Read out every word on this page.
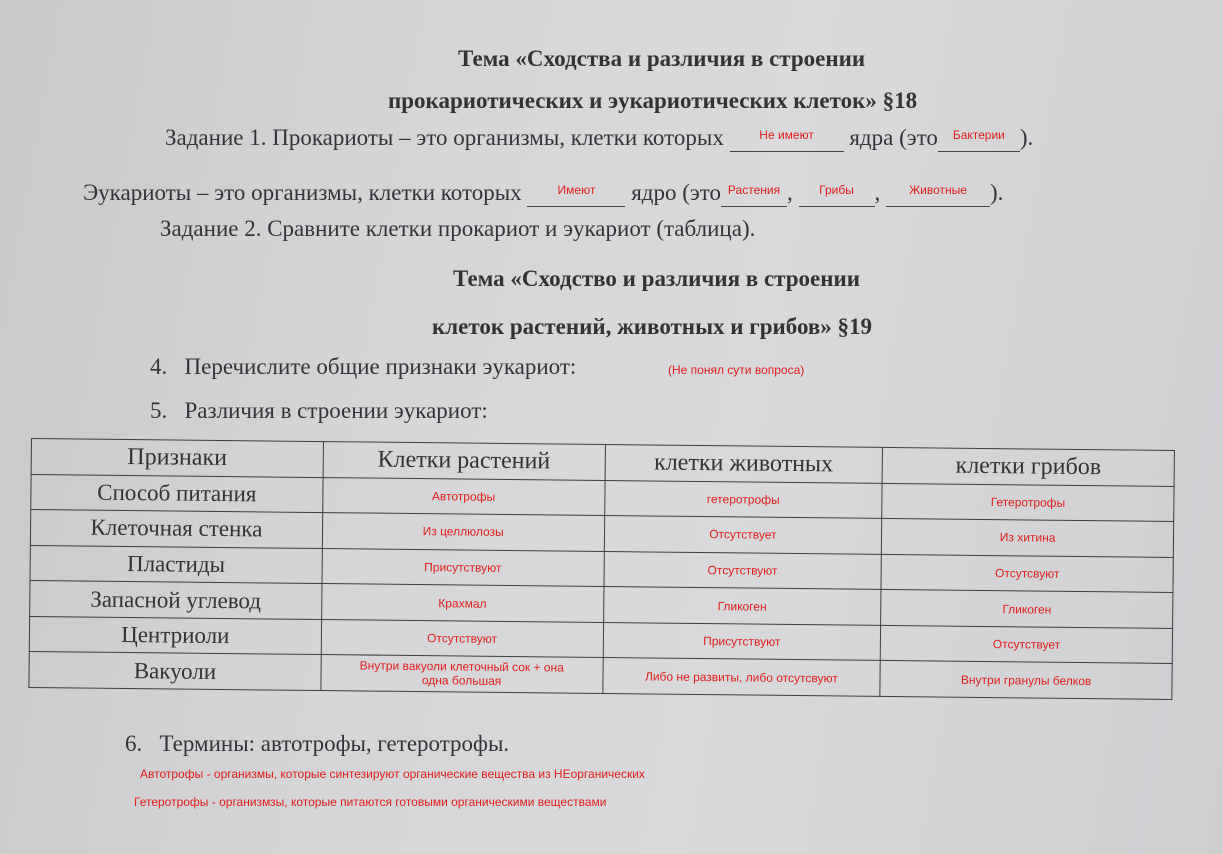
Тема «Сходства и различия в строении
прокариотических и эукариотических клеток» §18
Задание 1. Прокариоты – это организмы, клетки которых	$^{Не имеют}$ ядра (это $^{Бактерии}$ ).
Эукариоты – это организмы, клетки которых	$^{Имеют}$ ядро (это $^{Растения}$ , $^{Грибы}$ , $^{Животные}$ ).
Задание 2. Сравните клетки прокариот и эукариот (таблица).
Тема «Сходство и различия в строении
клеток растений, животных и грибов» §19
4. Перечислите общие признаки эукариот:	(Не понял сути вопроса)
5. Различия в строении эукариот:
Признаки	Клетки растений	клетки животных	клетки грибов
Способ питания	Автотрофы	гетеротрофы	Гетеротрофы
Клеточная стенка	Из целлюлозы	Отсутствует	Из хитина
Пластиды	Присутствуют	Отсутствуют	Отсутсвуют
Запасной углевод	Крахмал	Гликоген	Гликоген
Центриоли	Отсутствуют	Присутствуют	Отсутствует
Вакуоли	Внутри вакуоли клеточный сок + она одна большая	Либо не развиты, либо отсутсвуют	Внутри гранулы белков
6. Термины: автотрофы, гетеротрофы.
Автотрофы - организмы, которые синтезируют органические вещества из НЕорганических
Гетеротрофы - организмзы, которые питаются готовыми органическими веществами
